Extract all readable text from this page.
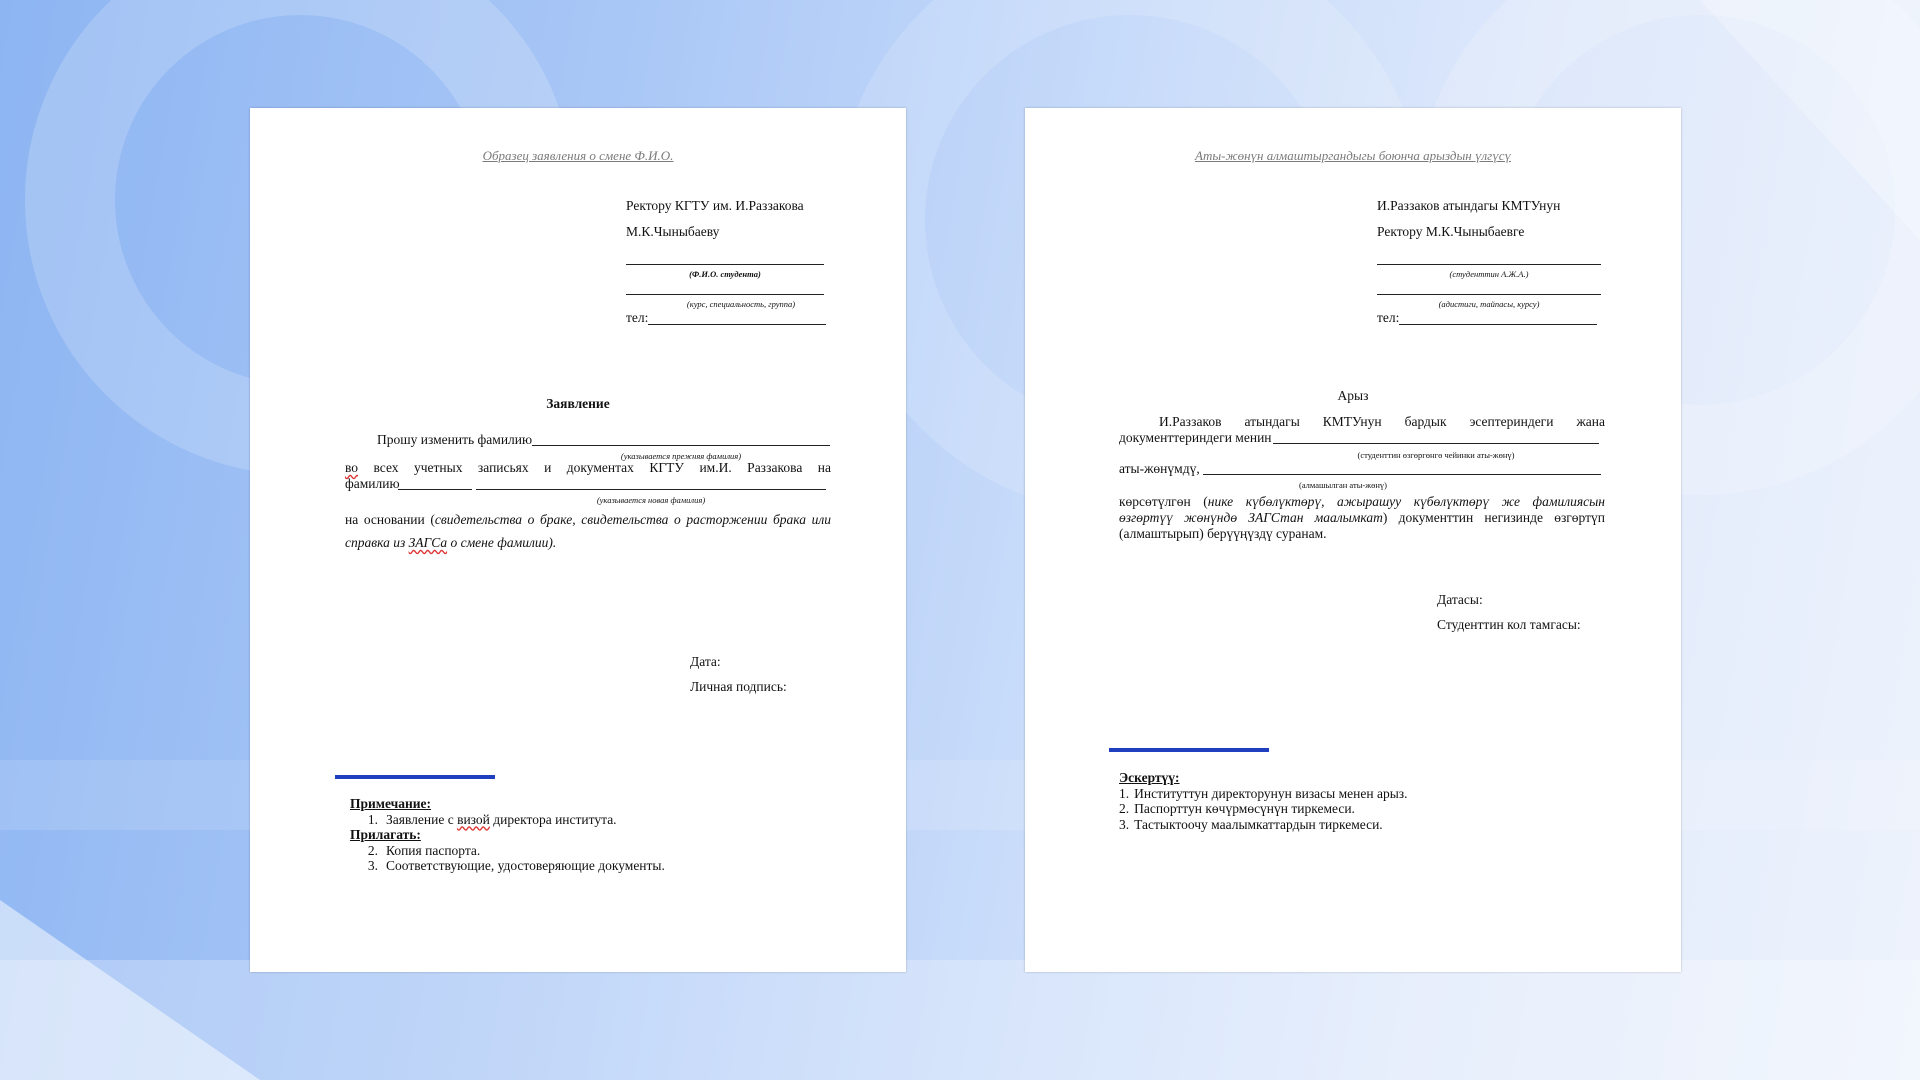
Образец заявления о смене Ф.И.О.
Ректору КГТУ им. И.Раззакова
М.К.Чыныбаеву
(Ф.И.О. студента)
(курс, специальность, группа)
тел:
Заявление
Прошу изменить фамилию
(указывается прежняя фамилия)
во всех учетных записьях и документах КГТУ им.И. Раззакова на
фамилию
(указывается новая фамилия)
на основании (свидетельства о браке, свидетельства о расторжении брака или справка из ЗАГСа о смене фамилии).
Дата:
Личная подпись:
Примечание:
1. Заявление с визой директора института.
Прилагать:
2. Копия паспорта.
3. Соответствующие, удостоверяющие документы.
Аты-жөнүн алмаштыргандыгы боюнча арыздын үлгүсү
И.Раззаков атындагы КМТУнун
Ректору М.К.Чыныбаевге
(студенттин А.Ж.А.)
(адистиги, тайпасы, курсу)
тел:
Арыз
И.Раззаков атындагы КМТУнун бардык эсептериндеги жана
документтериндеги менин
(студенттин өзгөргөнгө чейинки аты-жөнү)
аты-жөнүмдү,
(алмашылган аты-жөнү)
көрсөтүлгөн (нике күбөлүктөрү, ажырашуу күбөлүктөрү же фамилиясын өзгөртүү жөнүндө ЗАГСтан маалымкат) документтин негизинде өзгөртүп (алмаштырып) берүүңүздү суранам.
Датасы:
Студенттин кол тамгасы:
Эскертүү:
1. Институттун директорунун визасы менен арыз.
2. Паспорттун көчүрмөсүнүн тиркемеси.
3. Тастыктоочу маалымкаттардын тиркемеси.
